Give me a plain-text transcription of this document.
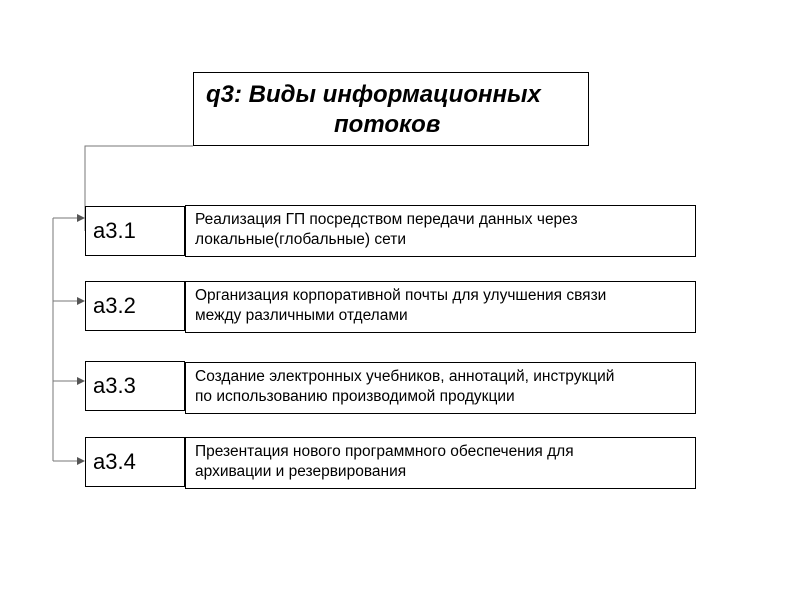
q3: Виды информационных
потоков
a3.1	Реализация ГП посредством передачи данных через
локальные(глобальные) сети
a3.2	Организация корпоративной почты для улучшения связи
между различными отделами
a3.3	Создание электронных учебников, аннотаций, инструкций
по использованию производимой продукции
a3.4	Презентация нового программного обеспечения для
архивации и резервирования
